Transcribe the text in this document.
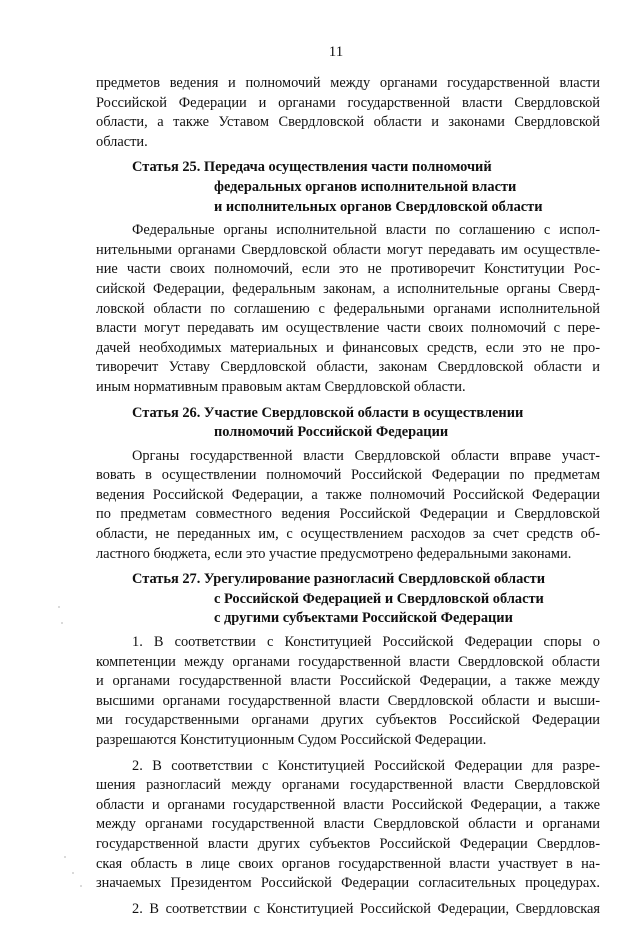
11
предметов ведения и полномочий между органами государственной власти
Российской Федерации и органами государственной власти Свердловской
области, а также Уставом Свердловской области и законами Свердловской
области.
Статья 25. Передача осуществления части полномочий
федеральных органов исполнительной власти
и исполнительных органов Свердловской области
Федеральные органы исполнительной власти по соглашению с испол-
нительными органами Свердловской области могут передавать им осуществле-
ние части своих полномочий, если это не противоречит Конституции Рос-
сийской Федерации, федеральным законам, а исполнительные органы Сверд-
ловской области по соглашению с федеральными органами исполнительной
власти могут передавать им осуществление части своих полномочий с пере-
дачей необходимых материальных и финансовых средств, если это не про-
тиворечит Уставу Свердловской области, законам Свердловской области и
иным нормативным правовым актам Свердловской области.
Статья 26. Участие Свердловской области в осуществлении
полномочий Российской Федерации
Органы государственной власти Свердловской области вправе участ-
вовать в осуществлении полномочий Российской Федерации по предметам
ведения Российской Федерации, а также полномочий Российской Федерации
по предметам совместного ведения Российской Федерации и Свердловской
области, не переданных им, с осуществлением расходов за счет средств об-
ластного бюджета, если это участие предусмотрено федеральными законами.
Статья 27. Урегулирование разногласий Свердловской области
с Российской Федерацией и Свердловской области
с другими субъектами Российской Федерации
1. В соответствии с Конституцией Российской Федерации споры о
компетенции между органами государственной власти Свердловской области
и органами государственной власти Российской Федерации, а также между
высшими органами государственной власти Свердловской области и высши-
ми государственными органами других субъектов Российской Федерации
разрешаются Конституционным Судом Российской Федерации.
2. В соответствии с Конституцией Российской Федерации для разре-
шения разногласий между органами государственной власти Свердловской
области и органами государственной власти Российской Федерации, а также
между органами государственной власти Свердловской области и органами
государственной власти других субъектов Российской Федерации Свердлов-
ская область в лице своих органов государственной власти участвует в на-
значаемых Президентом Российской Федерации согласительных процедурах.
2. В соответствии с Конституцией Российской Федерации, Свердловская
